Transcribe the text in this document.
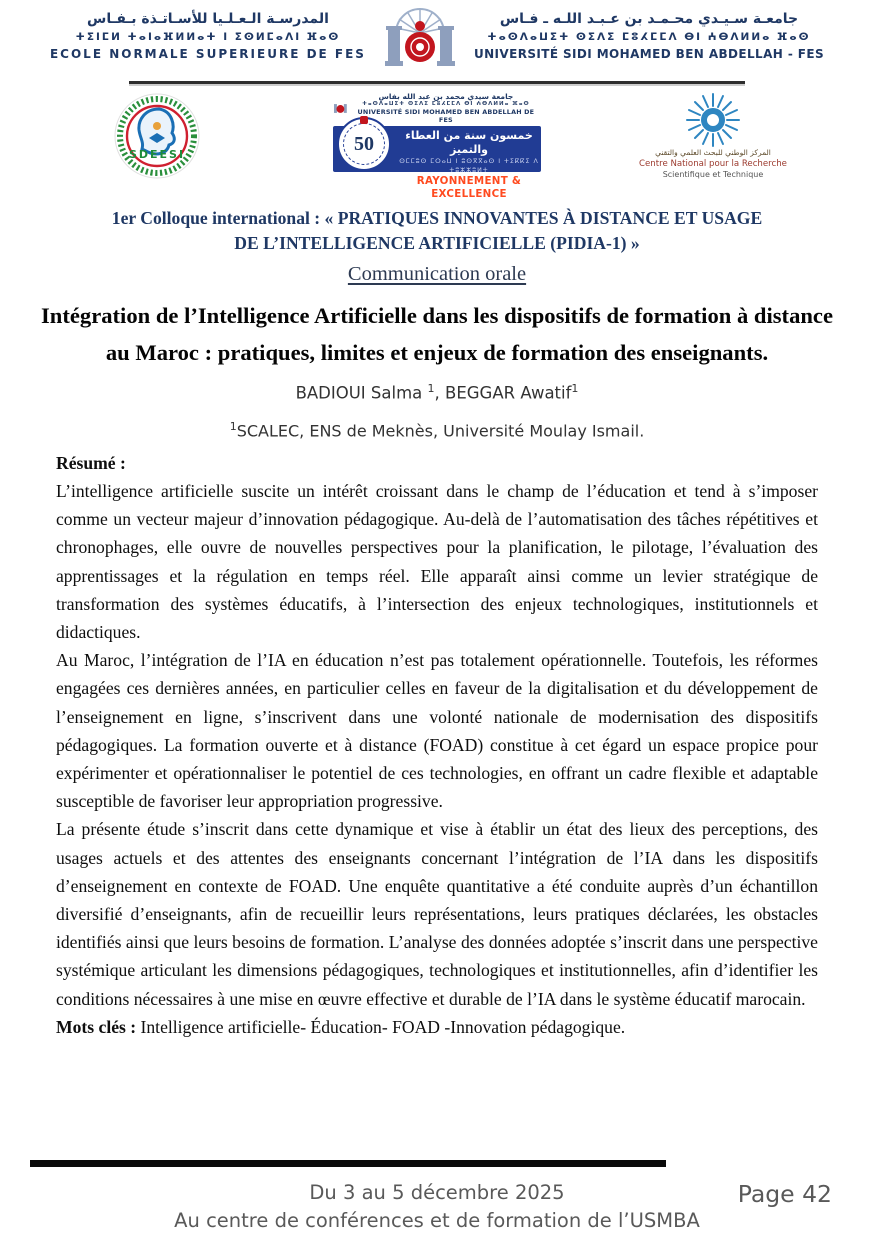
المدرسـة الـعـلـيا للأسـاتـذة بـفـاس
ⵜⵉⵏⵎⵍ ⵜⴰⵏⴰⴼⵍⵍⴰⵜ ⵏ ⵉⵙⵍⵎⴰⴷⵏ ⴼⴰⵙ
ECOLE NORMALE SUPERIEURE DE FES
جامعـة سـيـدي محـمـد بن عـبـد اللـه ـ فـاس
ⵜⴰⵙⴷⴰⵡⵉⵜ ⵙⵉⴷⵉ ⵎⵓⵃⵎⵎⴷ ⴱⵏ ⵄⴱⴷⵍⵍⴰ ⴼⴰⵙ
UNIVERSITÉ SIDI MOHAMED BEN ABDELLAH - FES
SDEESI
جامعة سيدي محمد بن عبد الله بفاس
ⵜⴰⵙⴷⴰⵡⵉⵜ ⵙⵉⴷⵉ ⵎⵓⵃⵎⵎⴷ ⴱⵏ ⵄⴱⴷⵍⵍⴰ ⴼⴰⵙ
UNIVERSITÉ SIDI MOHAMED BEN ABDELLAH DE FES
50	خمسون سنة من العطاء والتميز
ⵙⵎⵎⵓⵙ ⵎⵔⴰⵡ ⵏ ⵓⵙⴳⴳⴰⵙ ⵏ ⵜⵉⴽⴽⵉ ⴷ ⵜⵓⵣⵣⵓⵍⵜ
RAYONNEMENT & EXCELLENCE
المركز الوطني للبحث العلمي والتقني
Centre National pour la Recherche
Scientifique et Technique
1er Colloque international : « PRATIQUES INNOVANTES À DISTANCE ET USAGE
DE L’INTELLIGENCE ARTIFICIELLE (PIDIA-1) »
Communication orale
Intégration de l’Intelligence Artificielle dans les dispositifs de formation à distance au Maroc : pratiques, limites et enjeux de formation des enseignants.
BADIOUI Salma $^1$, BEGGAR Awatif$^1$
$^1$SCALEC, ENS de Meknès, Université Moulay Ismail.
Résumé :
L’intelligence artificielle suscite un intérêt croissant dans le champ de l’éducation et tend à s’imposer comme un vecteur majeur d’innovation pédagogique. Au-delà de l’automatisation des tâches répétitives et chronophages, elle ouvre de nouvelles perspectives pour la planification, le pilotage, l’évaluation des apprentissages et la régulation en temps réel. Elle apparaît ainsi comme un levier stratégique de transformation des systèmes éducatifs, à l’intersection des enjeux technologiques, institutionnels et didactiques.
Au Maroc, l’intégration de l’IA en éducation n’est pas totalement opérationnelle. Toutefois, les réformes engagées ces dernières années, en particulier celles en faveur de la digitalisation et du développement de l’enseignement en ligne, s’inscrivent dans une volonté nationale de modernisation des dispositifs pédagogiques. La formation ouverte et à distance (FOAD) constitue à cet égard un espace propice pour expérimenter et opérationnaliser le potentiel de ces technologies, en offrant un cadre flexible et adaptable susceptible de favoriser leur appropriation progressive.
La présente étude s’inscrit dans cette dynamique et vise à établir un état des lieux des perceptions, des usages actuels et des attentes des enseignants concernant l’intégration de l’IA dans les dispositifs d’enseignement en contexte de FOAD. Une enquête quantitative a été conduite auprès d’un échantillon diversifié d’enseignants, afin de recueillir leurs représentations, leurs pratiques déclarées, les obstacles identifiés ainsi que leurs besoins de formation. L’analyse des données adoptée s’inscrit dans une perspective systémique articulant les dimensions pédagogiques, technologiques et institutionnelles, afin d’identifier les conditions nécessaires à une mise en œuvre effective et durable de l’IA dans le système éducatif marocain.
Mots clés : Intelligence artificielle- Éducation- FOAD -Innovation pédagogique.
Du 3 au 5 décembre 2025
Au centre de conférences et de formation de l’USMBA
Page 42
